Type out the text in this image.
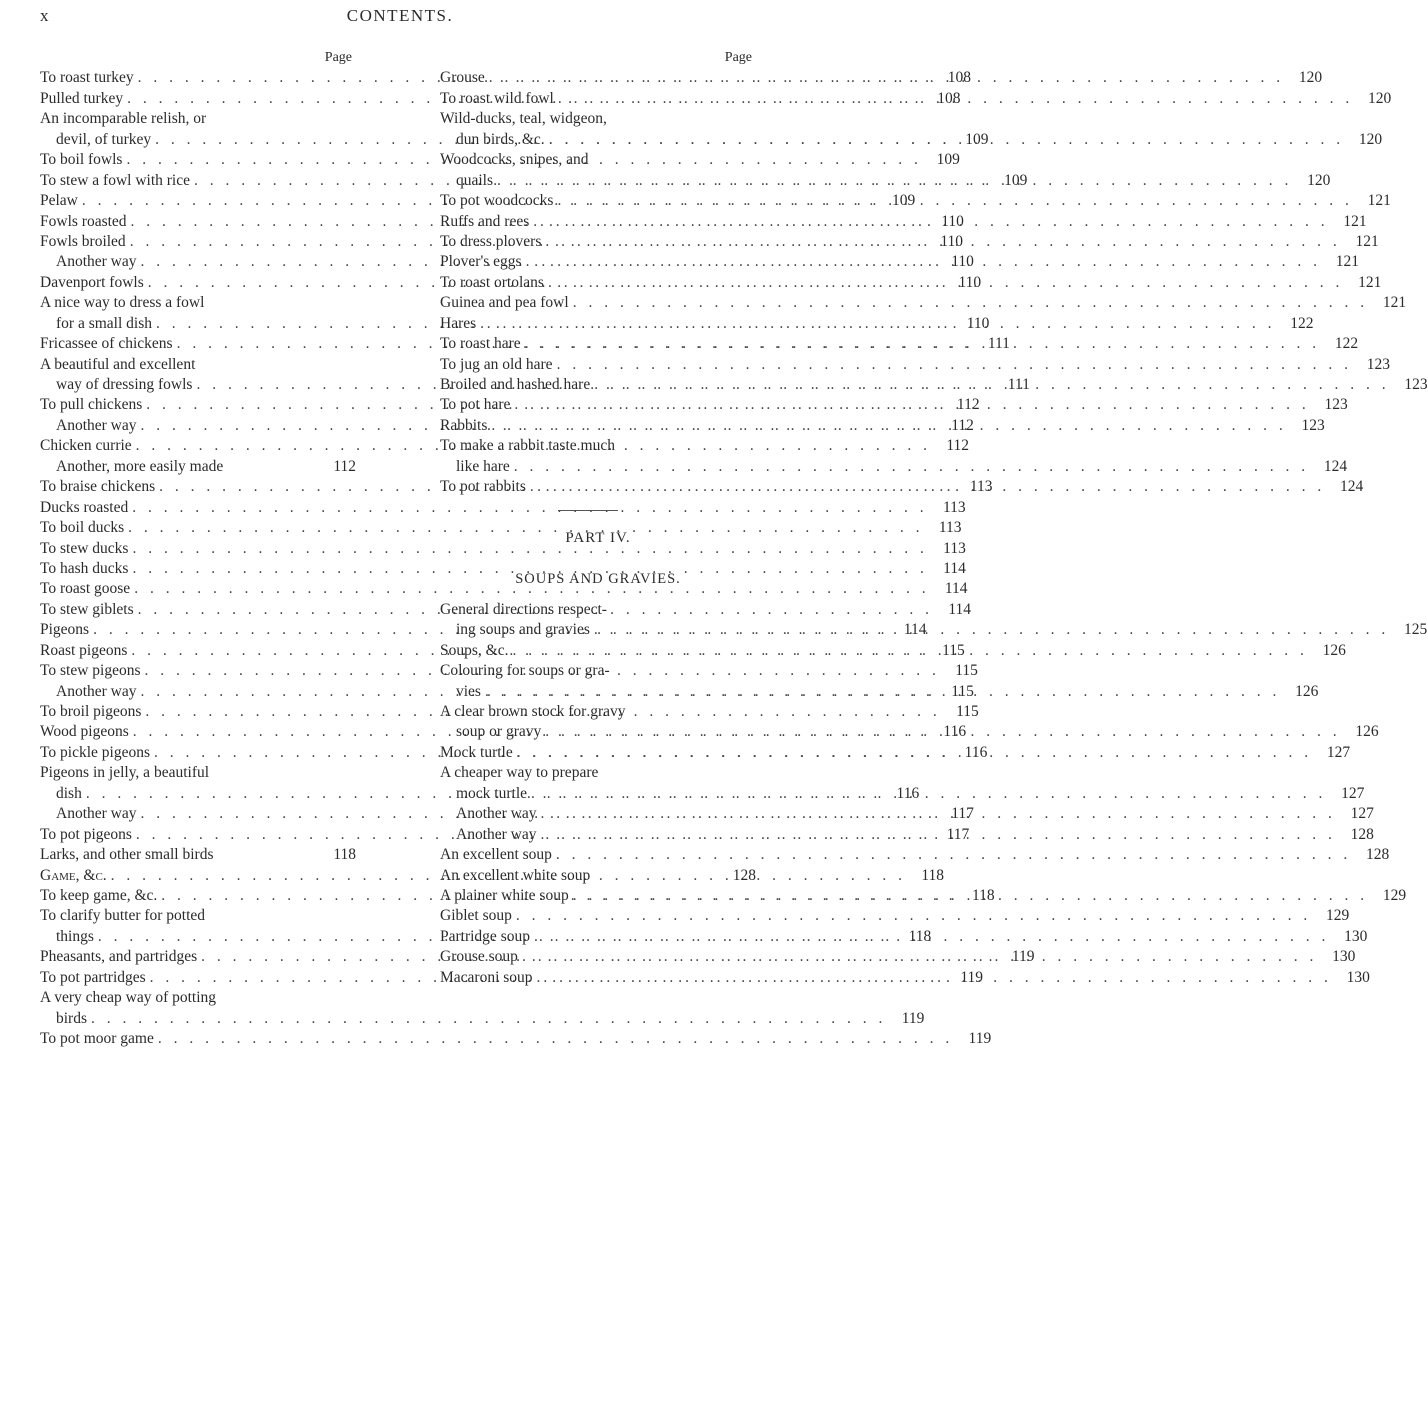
x	CONTENTS.
Page
To roast turkey . . .	108
Pulled turkey . . .	108
An incomparable relish, or
devil, of turkey . . .	109
To boil fowls . . .	109
To stew a fowl with rice . . .	109
Pelaw . . .	109
Fowls roasted . . .	110
Fowls broiled . . .	110
Another way . . .	110
Davenport fowls . . .	110
A nice way to dress a fowl
for a small dish . . .	110
Fricassee of chickens . . .	111
A beautiful and excellent
way of dressing fowls . . .	111
To pull chickens . . .	112
Another way . . .	112
Chicken currie . . .	112
Another, more easily made	112
To braise chickens . . .	113
Ducks roasted . . .	113
To boil ducks . . .	113
To stew ducks . . .	113
To hash ducks . . .	114
To roast goose . . .	114
To stew giblets . . .	114
Pigeons . . .	114
Roast pigeons . . .	115
To stew pigeons . . .	115
Another way . . .	115
To broil pigeons . . .	115
Wood pigeons . . .	116
To pickle pigeons . . .	116
Pigeons in jelly, a beautiful
dish . . .	116
Another way . . .	117
To pot pigeons . . .	117
Larks, and other small birds	118
Game, &c. . . .	118
To keep game, &c. . . .	118
To clarify butter for potted
things . . .	118
Pheasants, and partridges . . .	119
To pot partridges . . .	119
A very cheap way of potting
birds . . .	119
To pot moor game . . .	119
Page
Grouse . . .	120
To roast wild fowl . . .	120
Wild-ducks, teal, widgeon,
dun birds, &c. . . .	120
Woodcocks, snipes, and
quails . . .	120
To pot woodcocks . . .	121
Ruffs and rees . . .	121
To dress plovers . . .	121
Plover's eggs . . .	121
To roast ortolans . . .	121
Guinea and pea fowl . . .	121
Hares . . .	122
To roast hare . . .	122
To jug an old hare . . .	123
Broiled and hashed hare . . .	123
To pot hare . . .	123
Rabbits . . .	123
To make a rabbit taste much
like hare . . .	124
To pot rabbits . . .	124
PART IV.
SOUPS AND GRAVIES.
General directions respect-
ing soups and gravies . . .	125
Soups, &c. . . .	126
Colouring for soups or gra-
vies . . .	126
A clear brown stock for gravy
soup or gravy . . .	126
Mock turtle . . .	127
A cheaper way to prepare
mock turtle . . .	127
Another way . . .	127
Another way . . .	128
An excellent soup . . .	128
An excellent white soup	128
A plainer white soup . . .	129
Giblet soup . . .	129
Partridge soup . . .	130
Grouse soup . . .	130
Macaroni soup . . .	130
